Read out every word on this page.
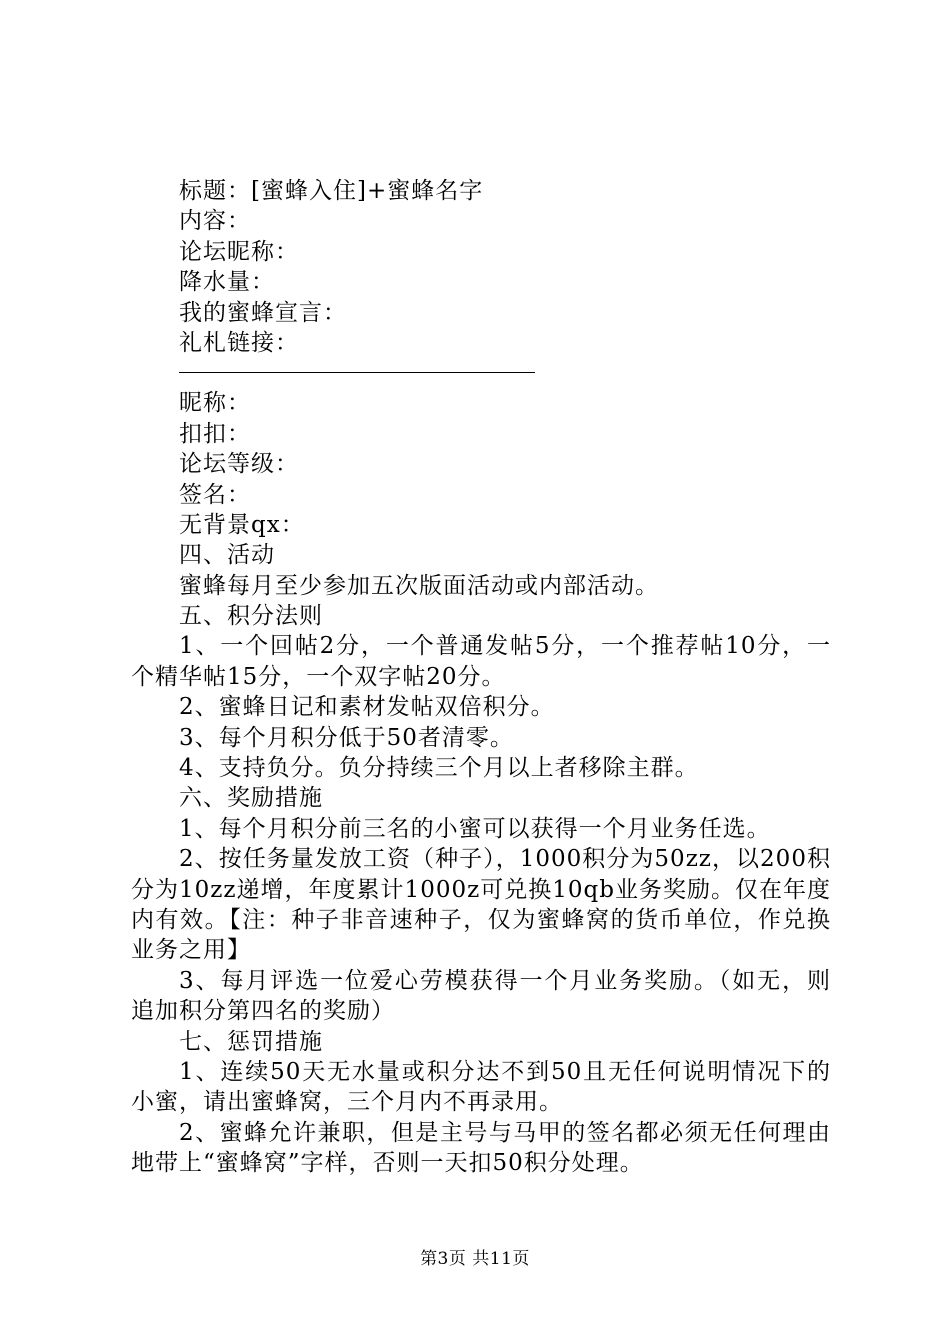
标题：[蜜蜂入住]+蜜蜂名字
内容：
论坛昵称：
降水量：
我的蜜蜂宣言：
礼札链接：
昵称：
扣扣：
论坛等级：
签名：
无背景qx：
四、活动
蜜蜂每月至少参加五次版面活动或内部活动。
五、积分法则
1、一个回帖2分，一个普通发帖5分，一个推荐帖10分，一个精华帖15分，一个双字帖20分。
2、蜜蜂日记和素材发帖双倍积分。
3、每个月积分低于50者清零。
4、支持负分。负分持续三个月以上者移除主群。
六、奖励措施
1、每个月积分前三名的小蜜可以获得一个月业务任选。
2、按任务量发放工资（种子），1000积分为50zz，以200积分为10zz递增，年度累计1000z可兑换10qb业务奖励。仅在年度内有效。【注：种子非音速种子，仅为蜜蜂窝的货币单位，作兑换业务之用】
3、每月评选一位爱心劳模获得一个月业务奖励。（如无，则追加积分第四名的奖励）
七、惩罚措施
1、连续50天无水量或积分达不到50且无任何说明情况下的小蜜，请出蜜蜂窝，三个月内不再录用。
2、蜜蜂允许兼职，但是主号与马甲的签名都必须无任何理由地带上“蜜蜂窝”字样，否则一天扣50积分处理。
第3页 共11页
